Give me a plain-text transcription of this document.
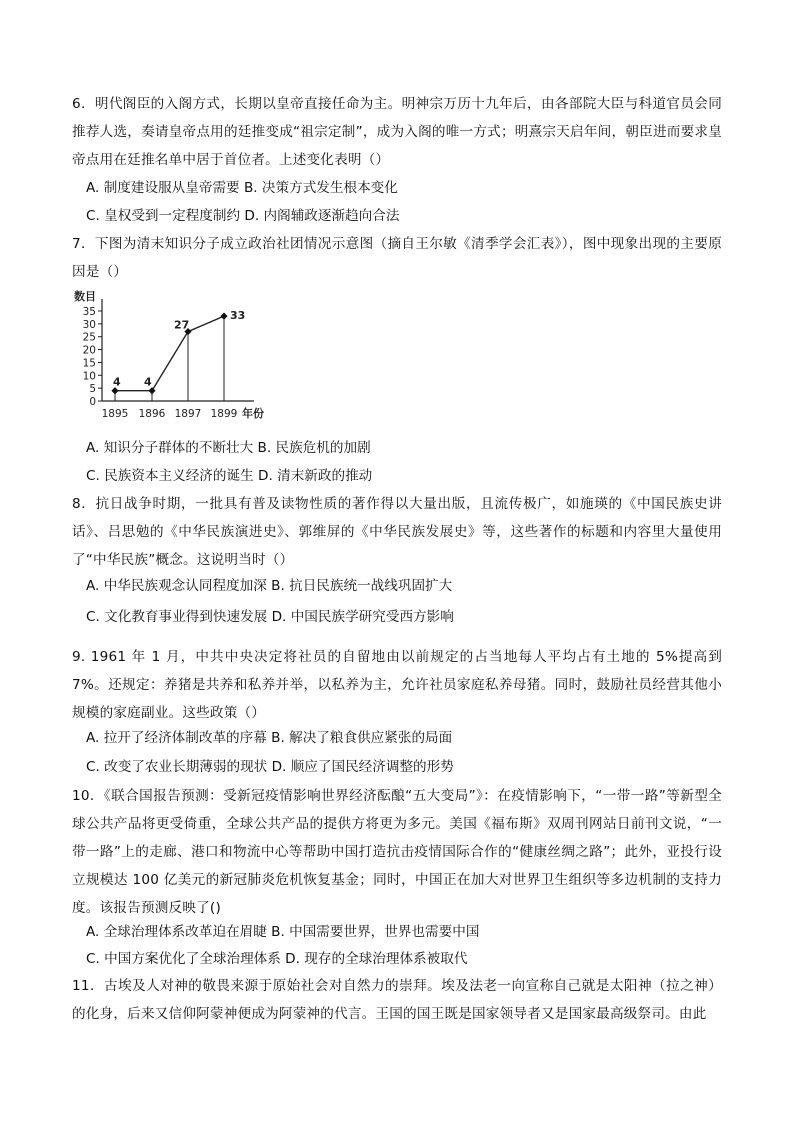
6．明代阁臣的入阁方式，长期以皇帝直接任命为主。明神宗万历十九年后，由各部院大臣与科道官员会同推荐人选，奏请皇帝点用的廷推变成“祖宗定制”，成为入阁的唯一方式；明熹宗天启年间，朝臣进而要求皇帝点用在廷推名单中居于首位者。上述变化表明（）
A. 制度建设服从皇帝需要 B. 决策方式发生根本变化
C. 皇权受到一定程度制约 D. 内阁辅政逐渐趋向合法
7．下图为清末知识分子成立政治社团情况示意图（摘自王尔敏《清季学会汇表》），图中现象出现的主要原因是（）
数目
0
5
10
15
20
25
30
35
1895 1896 1897 1899 年份
4 4
27
33
A. 知识分子群体的不断壮大 B. 民族危机的加剧
C. 民族资本主义经济的诞生 D. 清末新政的推动
8．抗日战争时期，一批具有普及读物性质的著作得以大量出版，且流传极广，如施瑛的《中国民族史讲话》、吕思勉的《中华民族演进史》、郭维屏的《中华民族发展史》等，这些著作的标题和内容里大量使用了“中华民族”概念。这说明当时（）
A. 中华民族观念认同程度加深 B. 抗日民族统一战线巩固扩大
C. 文化教育事业得到快速发展 D. 中国民族学研究受西方影响
9. 1961 年 1 月，中共中央决定将社员的自留地由以前规定的占当地每人平均占有土地的 5%提高到 7%。还规定：养猪是共养和私养并举，以私养为主，允许社员家庭私养母猪。同时，鼓励社员经营其他小规模的家庭副业。这些政策（）
A. 拉开了经济体制改革的序幕 B. 解决了粮食供应紧张的局面
C. 改变了农业长期薄弱的现状 D. 顺应了国民经济调整的形势
10．《联合国报告预测：受新冠疫情影响世界经济酝酿“五大变局”》：在疫情影响下，“一带一路”等新型全球公共产品将更受倚重，全球公共产品的提供方将更为多元。美国《福布斯》双周刊网站日前刊文说，“一带一路”上的走廊、港口和物流中心等帮助中国打造抗击疫情国际合作的“健康丝绸之路”；此外，亚投行设立规模达 100 亿美元的新冠肺炎危机恢复基金；同时，中国正在加大对世界卫生组织等多边机制的支持力度。该报告预测反映了()
A. 全球治理体系改革迫在眉睫 B. 中国需要世界，世界也需要中国
C. 中国方案优化了全球治理体系 D. 现存的全球治理体系被取代
11．古埃及人对神的敬畏来源于原始社会对自然力的崇拜。埃及法老一向宣称自己就是太阳神（拉之神）的化身，后来又信仰阿蒙神便成为阿蒙神的代言。王国的国王既是国家领导者又是国家最高级祭司。由此
